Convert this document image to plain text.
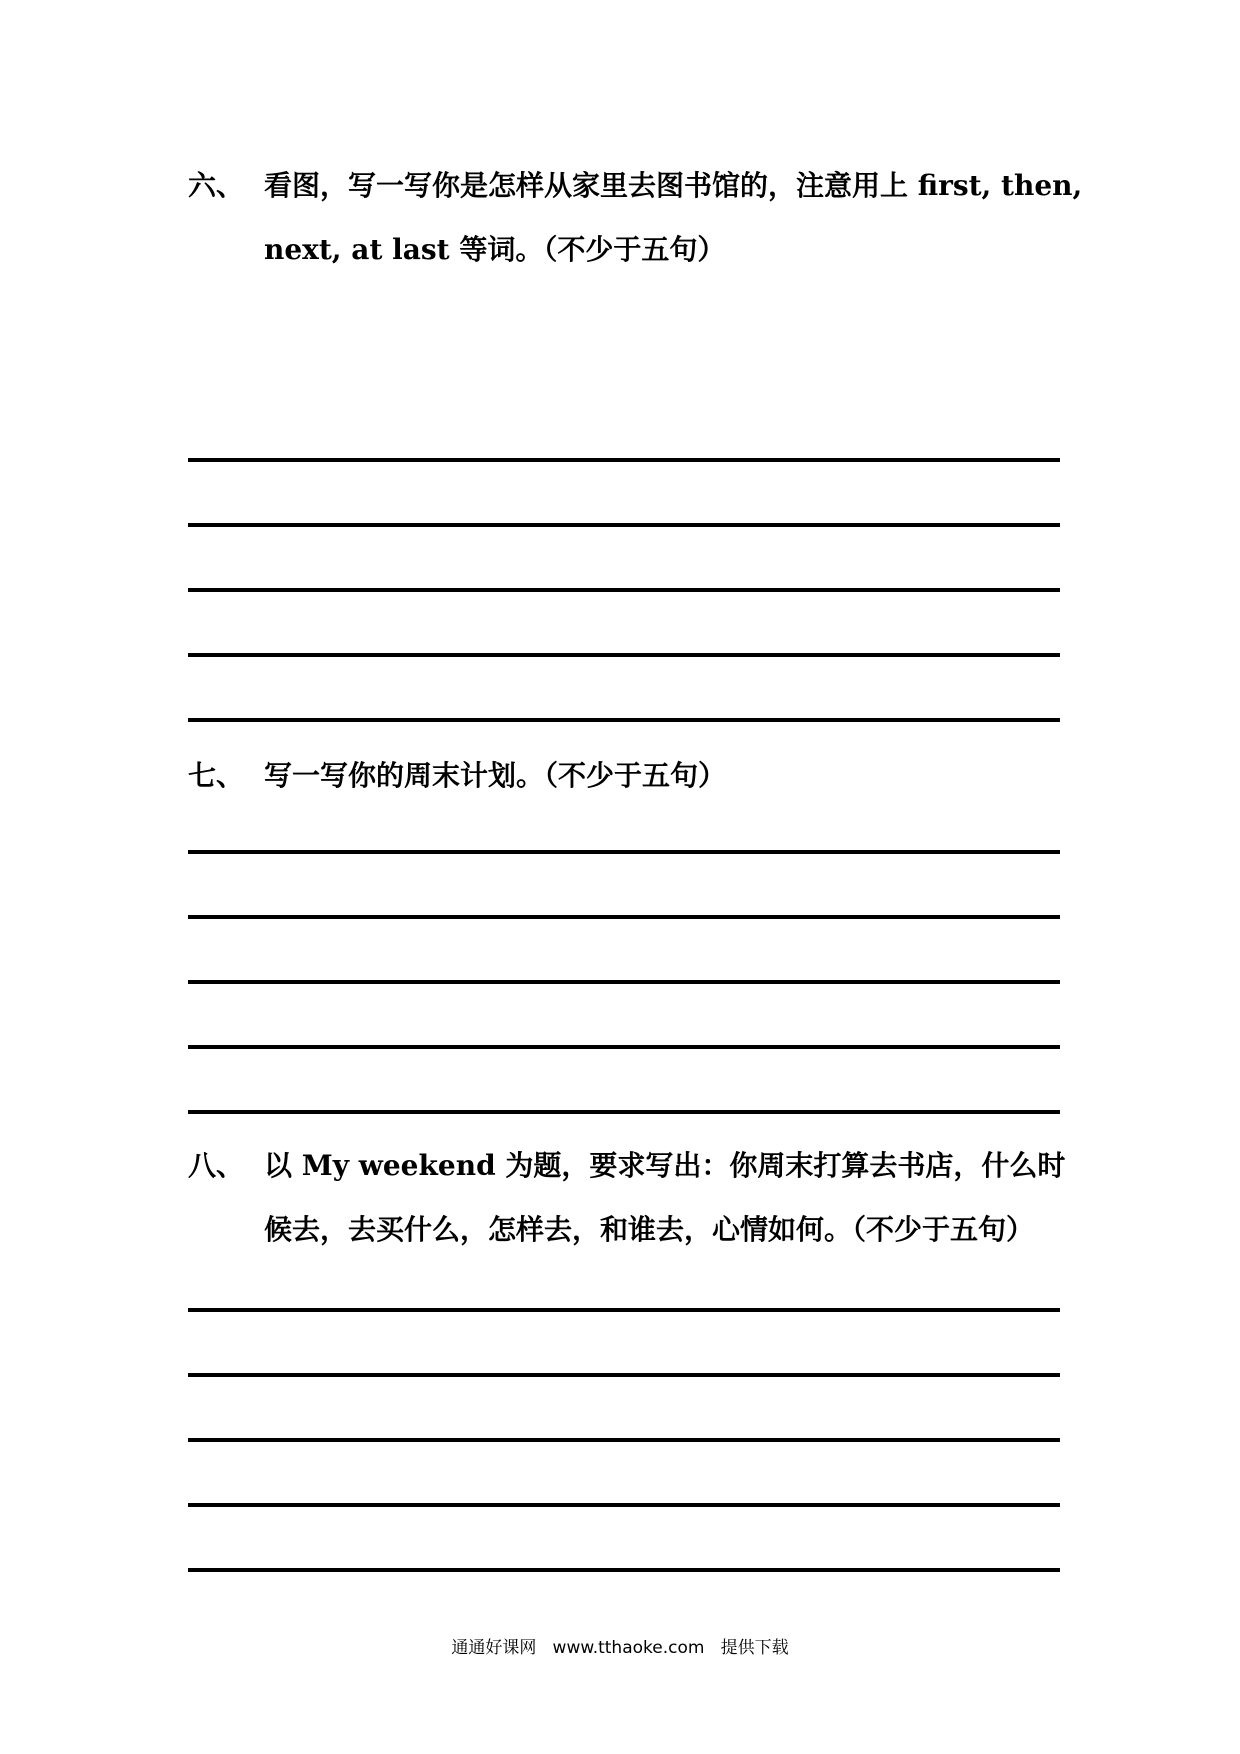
六、 看图，写一写你是怎样从家里去图书馆的，注意用上 first, then,
next, at last 等词。（不少于五句）
七、 写一写你的周末计划。（不少于五句）
八、 以 My weekend 为题，要求写出：你周末打算去书店，什么时
候去，去买什么，怎样去，和谁去，心情如何。（不少于五句）
通通好课网 www.tthaoke.com 提供下载
